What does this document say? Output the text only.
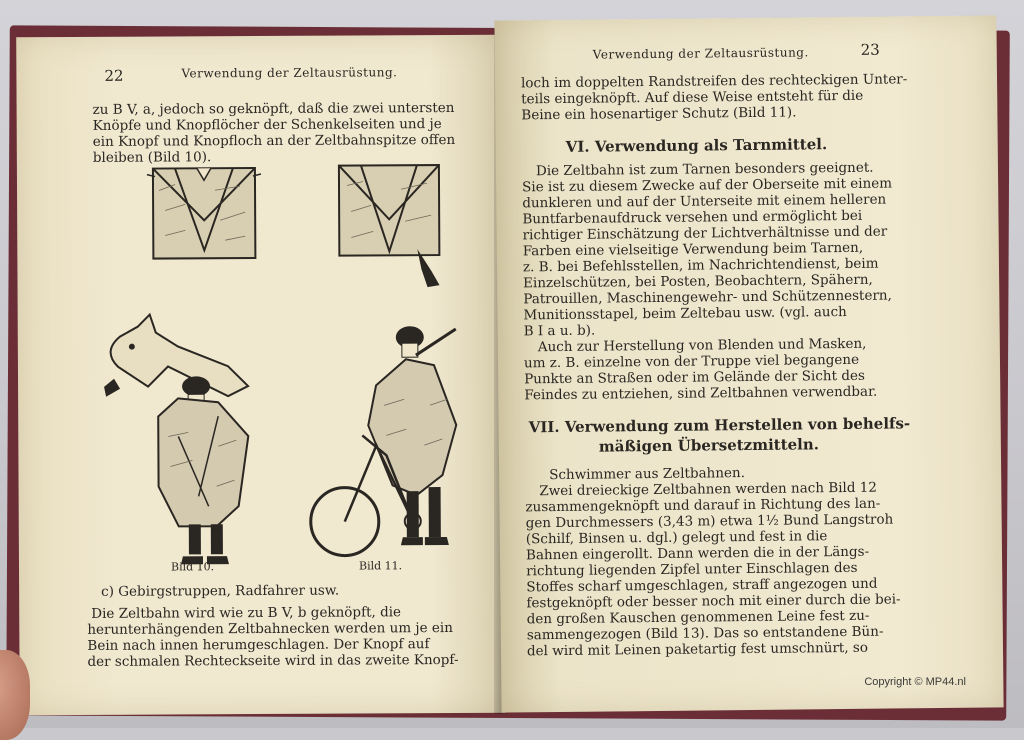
22	Verwendung der Zeltausrüstung.
zu B V, a, jedoch so geknöpft, daß die zwei untersten
Knöpfe und Knopflöcher der Schenkelseiten und je
ein Knopf und Knopfloch an der Zeltbahnspitze offen
bleiben (Bild 10).
Bild 10.	Bild 11.
c) Gebirgstruppen, Radfahrer usw.
Die Zeltbahn wird wie zu B V, b geknöpft, die
herunterhängenden Zeltbahnecken werden um je ein
Bein nach innen herumgeschlagen. Der Knopf auf
der schmalen Rechteckseite wird in das zweite Knopf-
Verwendung der Zeltausrüstung.	23
loch im doppelten Randstreifen des rechteckigen Unter-
teils eingeknöpft. Auf diese Weise entsteht für die
Beine ein hosenartiger Schutz (Bild 11).
VI. Verwendung als Tarnmittel.
Die Zeltbahn ist zum Tarnen besonders geeignet.
Sie ist zu diesem Zwecke auf der Oberseite mit einem
dunkleren und auf der Unterseite mit einem helleren
Buntfarbenaufdruck versehen und ermöglicht bei
richtiger Einschätzung der Lichtverhältnisse und der
Farben eine vielseitige Verwendung beim Tarnen,
z. B. bei Befehlsstellen, im Nachrichtendienst, beim
Einzelschützen, bei Posten, Beobachtern, Spähern,
Patrouillen, Maschinengewehr- und Schützennestern,
Munitionsstapel, beim Zeltebau usw. (vgl. auch
B I a u. b).
Auch zur Herstellung von Blenden und Masken,
um z. B. einzelne von der Truppe viel begangene
Punkte an Straßen oder im Gelände der Sicht des
Feindes zu entziehen, sind Zeltbahnen verwendbar.
VII. Verwendung zum Herstellen von behelfs-
mäßigen Übersetzmitteln.
Schwimmer aus Zeltbahnen.
Zwei dreieckige Zeltbahnen werden nach Bild 12
zusammengeknöpft und darauf in Richtung des lan-
gen Durchmessers (3,43 m) etwa 1½ Bund Langstroh
(Schilf, Binsen u. dgl.) gelegt und fest in die
Bahnen eingerollt. Dann werden die in der Längs-
richtung liegenden Zipfel unter Einschlagen des
Stoffes scharf umgeschlagen, straff angezogen und
festgeknöpft oder besser noch mit einer durch die bei-
den großen Kauschen genommenen Leine fest zu-
sammengezogen (Bild 13). Das so entstandene Bün-
del wird mit Leinen paketartig fest umschnürt, so
Copyright © MP44.nl
